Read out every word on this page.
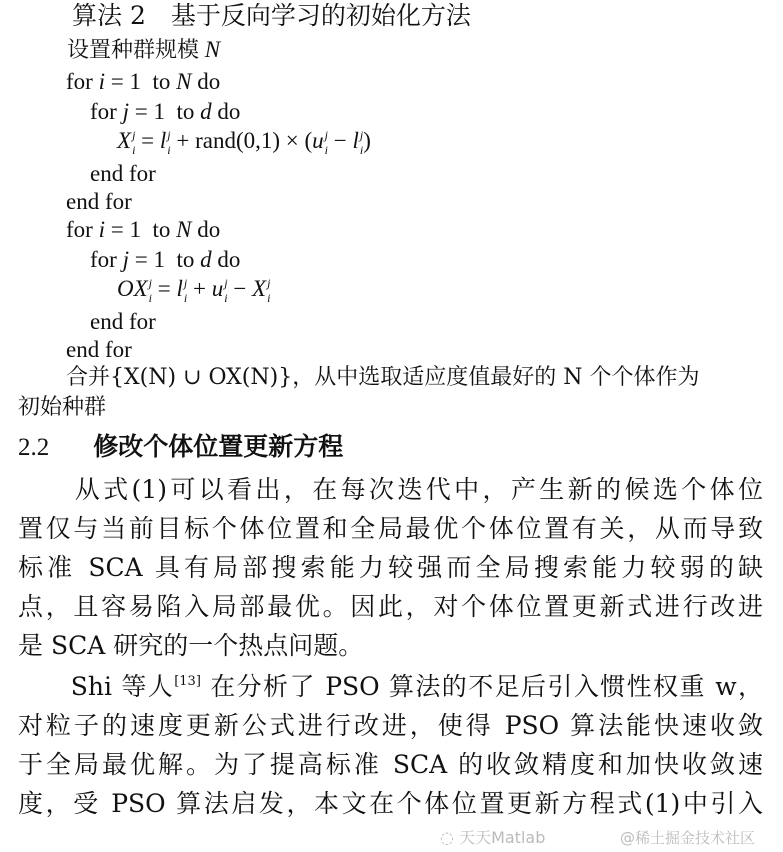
算法 2　基于反向学习的初始化方法
设置种群规模 N
for i = 1  to N do
for j = 1  to d do
X j
i = l j
i + rand(0,1) × (u j
i − l j
i )
end for
end for
for i = 1  to N do
for j = 1  to d do
OX j
i = l j
i + u j
i − X j
i
end for
end for
合并{X(N) ∪ OX(N)}，从中选取适应度值最好的 N 个个体作为
初始种群
2.2 修改个体位置更新方程
　　从式(1)可以看出，在每次迭代中，产生新的候选个体位
置仅与当前目标个体位置和全局最优个体位置有关，从而导致
标准 SCA 具有局部搜索能力较强而全局搜索能力较弱的缺
点，且容易陷入局部最优。因此，对个体位置更新式进行改进
是 SCA 研究的一个热点问题。
　　Shi 等人[13] 在分析了 PSO 算法的不足后引入惯性权重 w，
对粒子的速度更新公式进行改进，使得 PSO 算法能快速收敛
于全局最优解。为了提高标准 SCA 的收敛精度和加快收敛速
度，受 PSO 算法启发，本文在个体位置更新方程式(1)中引入
◌ 天天Matlab	@稀土掘金技术社区
